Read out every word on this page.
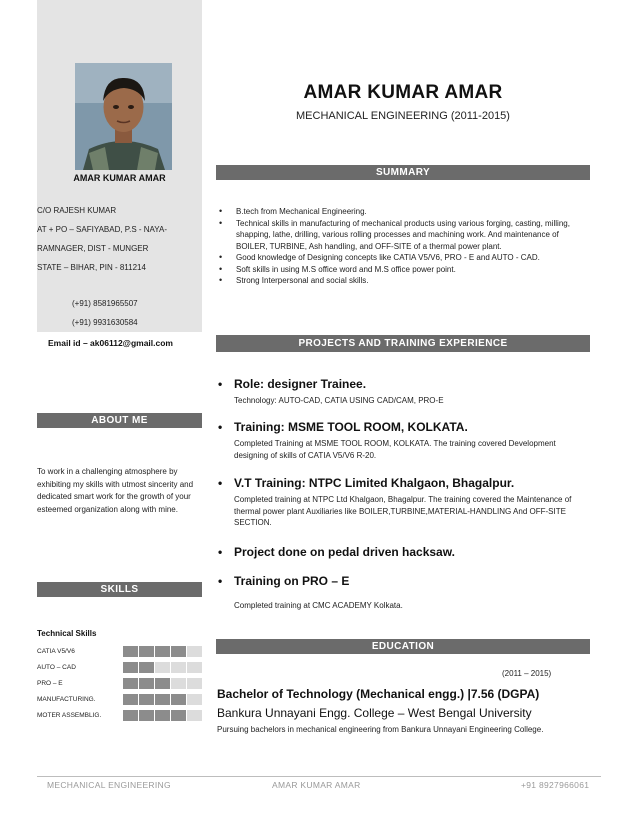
AMAR KUMAR AMAR
C/O RAJESH KUMAR
AT + PO – SAFIYABAD, P.S - NAYA-
RAMNAGER, DIST - MUNGER
STATE – BIHAR, PIN - 811214
(+91) 8581965507
(+91) 9931630584
Email id – ak06112@gmail.com
ABOUT ME
To work in a challenging atmosphere by exhibiting my skills with utmost sincerity and dedicated smart work for the growth of your esteemed organization along with mine.
SKILLS
Technical Skills
CATIA V5/V6
AUTO – CAD
PRO – E
MANUFACTURING.
MOTER ASSEMBLIG.
AMAR KUMAR AMAR
MECHANICAL ENGINEERING (2011-2015)
SUMMARY
• B.tech from Mechanical Engineering.
• Technical skills in manufacturing of mechanical products using various forging, casting, milling, shapping, lathe, drilling, various rolling processes and machining work. And maintenance of BOILER, TURBINE, Ash handling, and OFF-SITE of a thermal power plant.
• Good knowledge of Designing concepts like CATIA V5/V6, PRO - E and AUTO - CAD.
• Soft skills in using M.S office word and M.S office power point.
• Strong Interpersonal and social skills.
PROJECTS AND TRAINING EXPERIENCE
• Role: designer Trainee.
Technology: AUTO-CAD, CATIA USING CAD/CAM, PRO-E
• Training: MSME TOOL ROOM, KOLKATA.
Completed Training at MSME TOOL ROOM, KOLKATA. The training covered Development designing of skills of CATIA V5/V6 R-20.
• V.T Training: NTPC Limited Khalgaon, Bhagalpur.
Completed training at NTPC Ltd Khalgaon, Bhagalpur. The training covered the Maintenance of thermal power plant Auxiliaries like BOILER,TURBINE,MATERIAL-HANDLING And OFF-SITE SECTION.
• Project done on pedal driven hacksaw.
• Training on PRO – E
Completed training at CMC ACADEMY Kolkata.
EDUCATION
(2011 – 2015)
Bachelor of Technology (Mechanical engg.) |7.56 (DGPA)
Bankura Unnayani Engg. College – West Bengal University
Pursuing bachelors in mechanical engineering from Bankura Unnayani Engineering College.
MECHANICAL ENGINEERING	AMAR KUMAR AMAR	+91 8927966061
